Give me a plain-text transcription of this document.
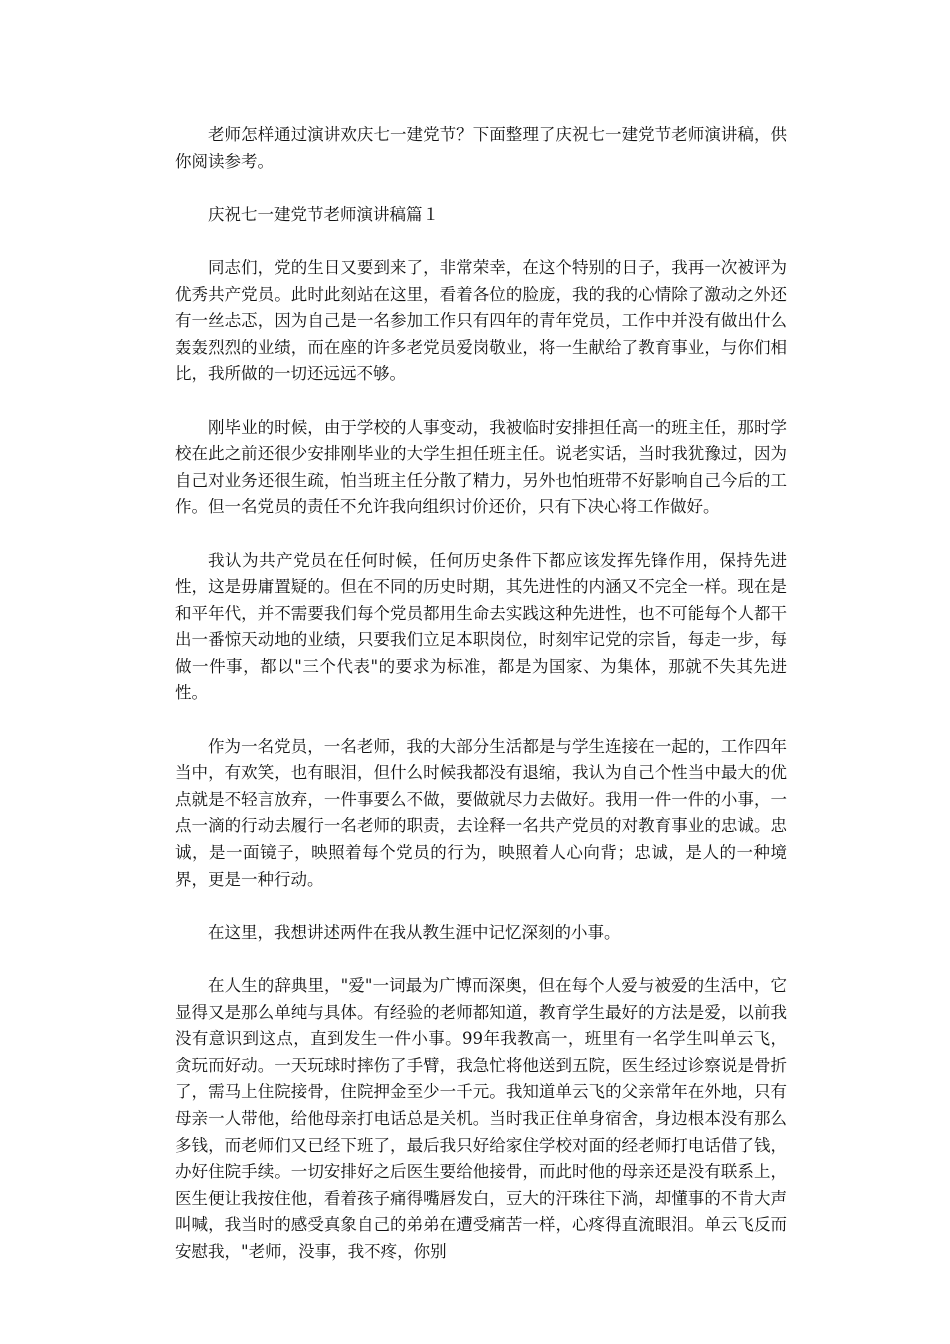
老师怎样通过演讲欢庆七一建党节？下面整理了庆祝七一建党节老师演讲稿，供你阅读参考。

庆祝七一建党节老师演讲稿篇１

同志们，党的生日又要到来了，非常荣幸，在这个特别的日子，我再一次被评为优秀共产党员。此时此刻站在这里，看着各位的脸庞，我的我的心情除了激动之外还有一丝忐忑，因为自己是一名参加工作只有四年的青年党员，工作中并没有做出什么轰轰烈烈的业绩，而在座的许多老党员爱岗敬业，将一生献给了教育事业，与你们相比，我所做的一切还远远不够。

刚毕业的时候，由于学校的人事变动，我被临时安排担任高一的班主任，那时学校在此之前还很少安排刚毕业的大学生担任班主任。说老实话，当时我犹豫过，因为自己对业务还很生疏，怕当班主任分散了精力，另外也怕班带不好影响自己今后的工作。但一名党员的责任不允许我向组织讨价还价，只有下决心将工作做好。

我认为共产党员在任何时候，任何历史条件下都应该发挥先锋作用，保持先进性，这是毋庸置疑的。但在不同的历史时期，其先进性的内涵又不完全一样。现在是和平年代，并不需要我们每个党员都用生命去实践这种先进性，也不可能每个人都干出一番惊天动地的业绩，只要我们立足本职岗位，时刻牢记党的宗旨，每走一步，每做一件事，都以"三个代表"的要求为标准，都是为国家、为集体，那就不失其先进性。

作为一名党员，一名老师，我的大部分生活都是与学生连接在一起的，工作四年当中，有欢笑，也有眼泪，但什么时候我都没有退缩，我认为自己个性当中最大的优点就是不轻言放弃，一件事要么不做，要做就尽力去做好。我用一件一件的小事，一点一滴的行动去履行一名老师的职责，去诠释一名共产党员的对教育事业的忠诚。忠诚，是一面镜子，映照着每个党员的行为，映照着人心向背；忠诚，是人的一种境界，更是一种行动。

在这里，我想讲述两件在我从教生涯中记忆深刻的小事。

在人生的辞典里，"爱"一词最为广博而深奥，但在每个人爱与被爱的生活中，它显得又是那么单纯与具体。有经验的老师都知道，教育学生最好的方法是爱，以前我没有意识到这点，直到发生一件小事。99年我教高一，班里有一名学生叫单云飞，贪玩而好动。一天玩球时摔伤了手臂，我急忙将他送到五院，医生经过诊察说是骨折了，需马上住院接骨，住院押金至少一千元。我知道单云飞的父亲常年在外地，只有母亲一人带他，给他母亲打电话总是关机。当时我正住单身宿舍，身边根本没有那么多钱，而老师们又已经下班了，最后我只好给家住学校对面的经老师打电话借了钱，办好住院手续。一切安排好之后医生要给他接骨，而此时他的母亲还是没有联系上，医生便让我按住他，看着孩子痛得嘴唇发白，豆大的汗珠往下淌，却懂事的不肯大声叫喊，我当时的感受真象自己的弟弟在遭受痛苦一样，心疼得直流眼泪。单云飞反而安慰我，"老师，没事，我不疼，你别
